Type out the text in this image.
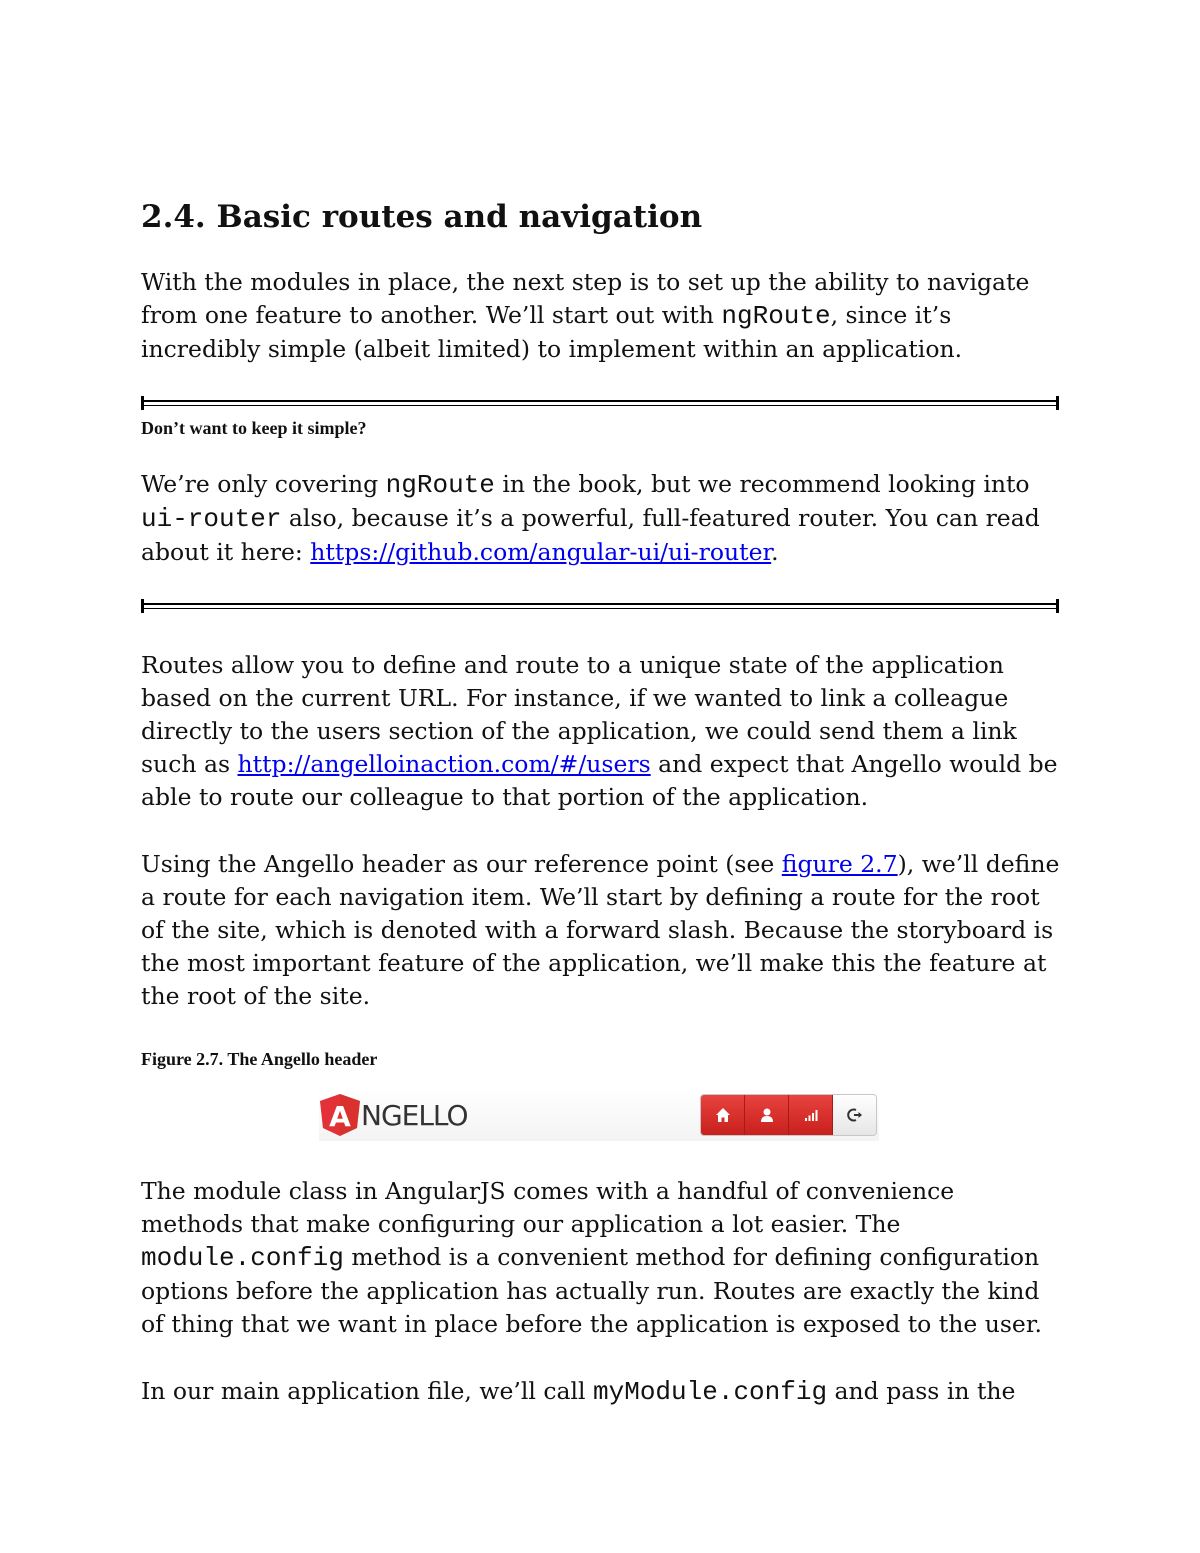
2.4. Basic routes and navigation

With the modules in place, the next step is to set up the ability to navigate from one feature to another. We’ll start out with ngRoute, since it’s incredibly simple (albeit limited) to implement within an application.

Don’t want to keep it simple?

We’re only covering ngRoute in the book, but we recommend looking into ui-router also, because it’s a powerful, full-featured router. You can read about it here: https://github.com/angular-ui/ui-router.

Routes allow you to define and route to a unique state of the application based on the current URL. For instance, if we wanted to link a colleague directly to the users section of the application, we could send them a link such as http://angelloinaction.com/#/users and expect that Angello would be able to route our colleague to that portion of the application.

Using the Angello header as our reference point (see figure 2.7), we’ll define a route for each navigation item. We’ll start by defining a route for the root of the site, which is denoted with a forward slash. Because the storyboard is the most important feature of the application, we’ll make this the feature at the root of the site.

Figure 2.7. The Angello header
A NGELLO

The module class in AngularJS comes with a handful of convenience methods that make configuring our application a lot easier. The module.config method is a convenient method for defining configuration options before the application has actually run. Routes are exactly the kind of thing that we want in place before the application is exposed to the user.

In our main application file, we’ll call myModule.config and pass in the
